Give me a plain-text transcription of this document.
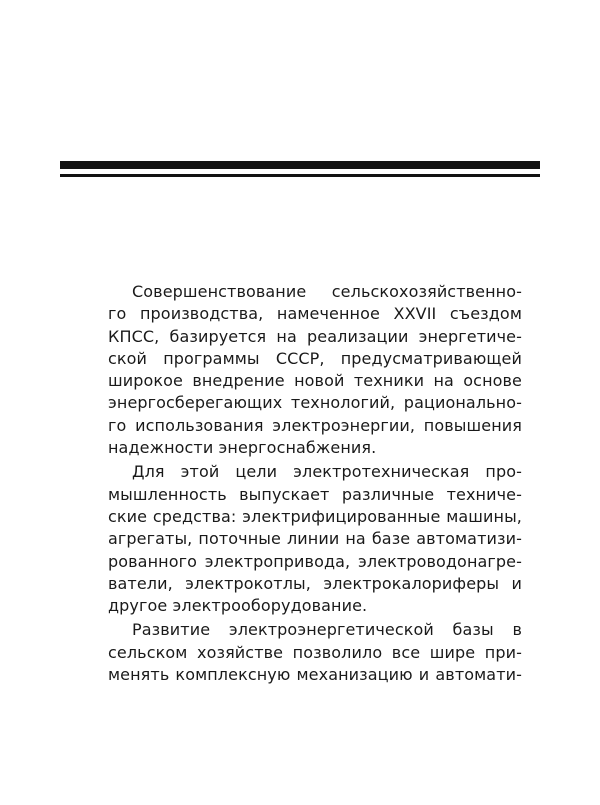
Совершенствование сельскохозяйственно-
го производства, намеченное XXVII съездом
КПСС, базируется на реализации энергетиче-
ской программы СССР, предусматривающей
широкое внедрение новой техники на основе
энергосберегающих технологий, рационально-
го использования электроэнергии, повышения
надежности энергоснабжения.
Для этой цели электротехническая про-
мышленность выпускает различные техниче-
ские средства: электрифицированные машины,
агрегаты, поточные линии на базе автоматизи-
рованного электропривода, электроводонагре-
ватели, электрокотлы, электрокалориферы и
другое электрооборудование.
Развитие электроэнергетической базы в
сельском хозяйстве позволило все шире при-
менять комплексную механизацию и автомати-
